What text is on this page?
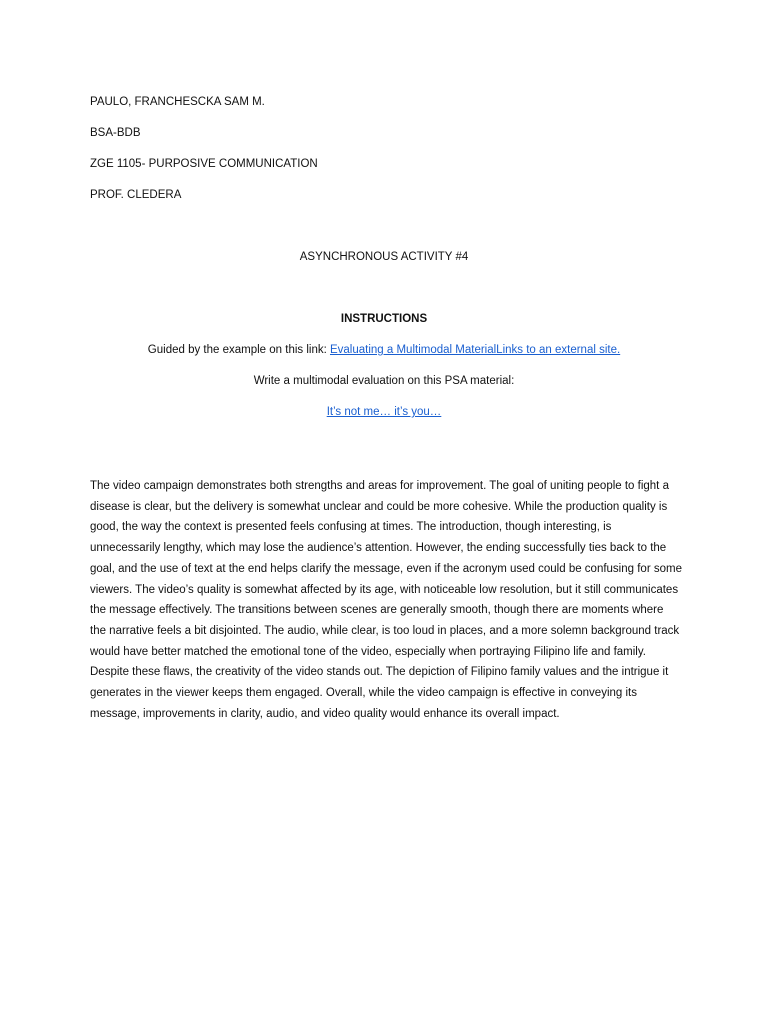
PAULO, FRANCHESCKA SAM M.

BSA-BDB

ZGE 1105- PURPOSIVE COMMUNICATION

PROF. CLEDERA

ASYNCHRONOUS ACTIVITY #4

INSTRUCTIONS

Guided by the example on this link: Evaluating a Multimodal MaterialLinks to an external site.

Write a multimodal evaluation on this PSA material:

It’s not me… it’s you…

The video campaign demonstrates both strengths and areas for improvement. The goal of uniting people to fight a disease is clear, but the delivery is somewhat unclear and could be more cohesive. While the production quality is good, the way the context is presented feels confusing at times. The introduction, though interesting, is unnecessarily lengthy, which may lose the audience’s attention. However, the ending successfully ties back to the goal, and the use of text at the end helps clarify the message, even if the acronym used could be confusing for some viewers. The video’s quality is somewhat affected by its age, with noticeable low resolution, but it still communicates the message effectively. The transitions between scenes are generally smooth, though there are moments where the narrative feels a bit disjointed. The audio, while clear, is too loud in places, and a more solemn background track would have better matched the emotional tone of the video, especially when portraying Filipino life and family. Despite these flaws, the creativity of the video stands out. The depiction of Filipino family values and the intrigue it generates in the viewer keeps them engaged. Overall, while the video campaign is effective in conveying its message, improvements in clarity, audio, and video quality would enhance its overall impact.
